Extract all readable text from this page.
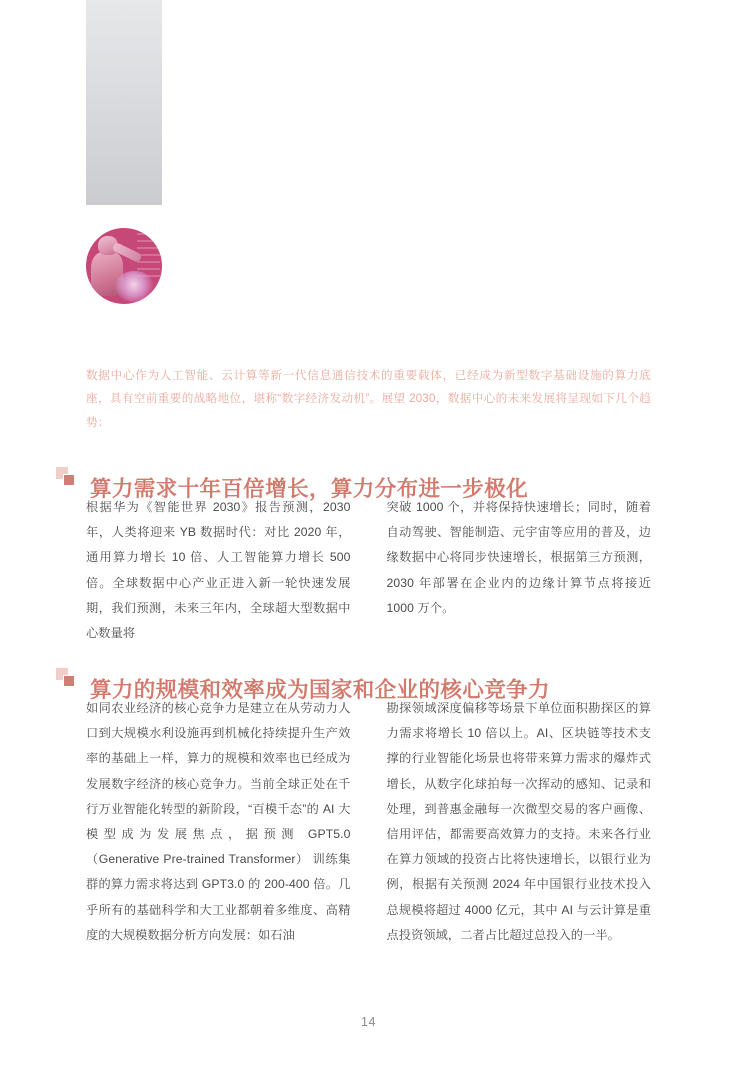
数据中心作为人工智能、云计算等新一代信息通信技术的重要载体，已经成为新型数字基础设施的算力底座，具有空前重要的战略地位，堪称“数字经济发动机”。展望 2030，数据中心的未来发展将呈现如下几个趋势：

算力需求十年百倍增长，算力分布进一步极化
根据华为《智能世界 2030》报告预测，2030 年，人类将迎来 YB 数据时代：对比 2020 年，通用算力增长 10 倍、人工智能算力增长 500 倍。全球数据中心产业正进入新一轮快速发展期，我们预测，未来三年内，全球超大型数据中心数量将
突破 1000 个，并将保持快速增长；同时，随着自动驾驶、智能制造、元宇宙等应用的普及，边缘数据中心将同步快速增长，根据第三方预测，2030 年部署在企业内的边缘计算节点将接近 1000 万个。
算力的规模和效率成为国家和企业的核心竞争力
如同农业经济的核心竞争力是建立在从劳动力人口到大规模水利设施再到机械化持续提升生产效率的基础上一样，算力的规模和效率也已经成为发展数字经济的核心竞争力。当前全球正处在千行万业智能化转型的新阶段，“百模千态”的 AI 大模型成为发展焦点，据预测 GPT5.0（Generative Pre-trained Transformer） 训练集群的算力需求将达到 GPT3.0 的 200-400 倍。几乎所有的基础科学和大工业都朝着多维度、高精度的大规模数据分析方向发展：如石油
勘探领域深度偏移等场景下单位面积勘探区的算力需求将增长 10 倍以上。AI、区块链等技术支撑的行业智能化场景也将带来算力需求的爆炸式增长，从数字化球拍每一次挥动的感知、记录和处理，到普惠金融每一次微型交易的客户画像、信用评估，都需要高效算力的支持。未来各行业在算力领域的投资占比将快速增长，以银行业为例，根据有关预测 2024 年中国银行业技术投入总规模将超过 4000 亿元，其中 AI 与云计算是重点投资领域，二者占比超过总投入的一半。
14
